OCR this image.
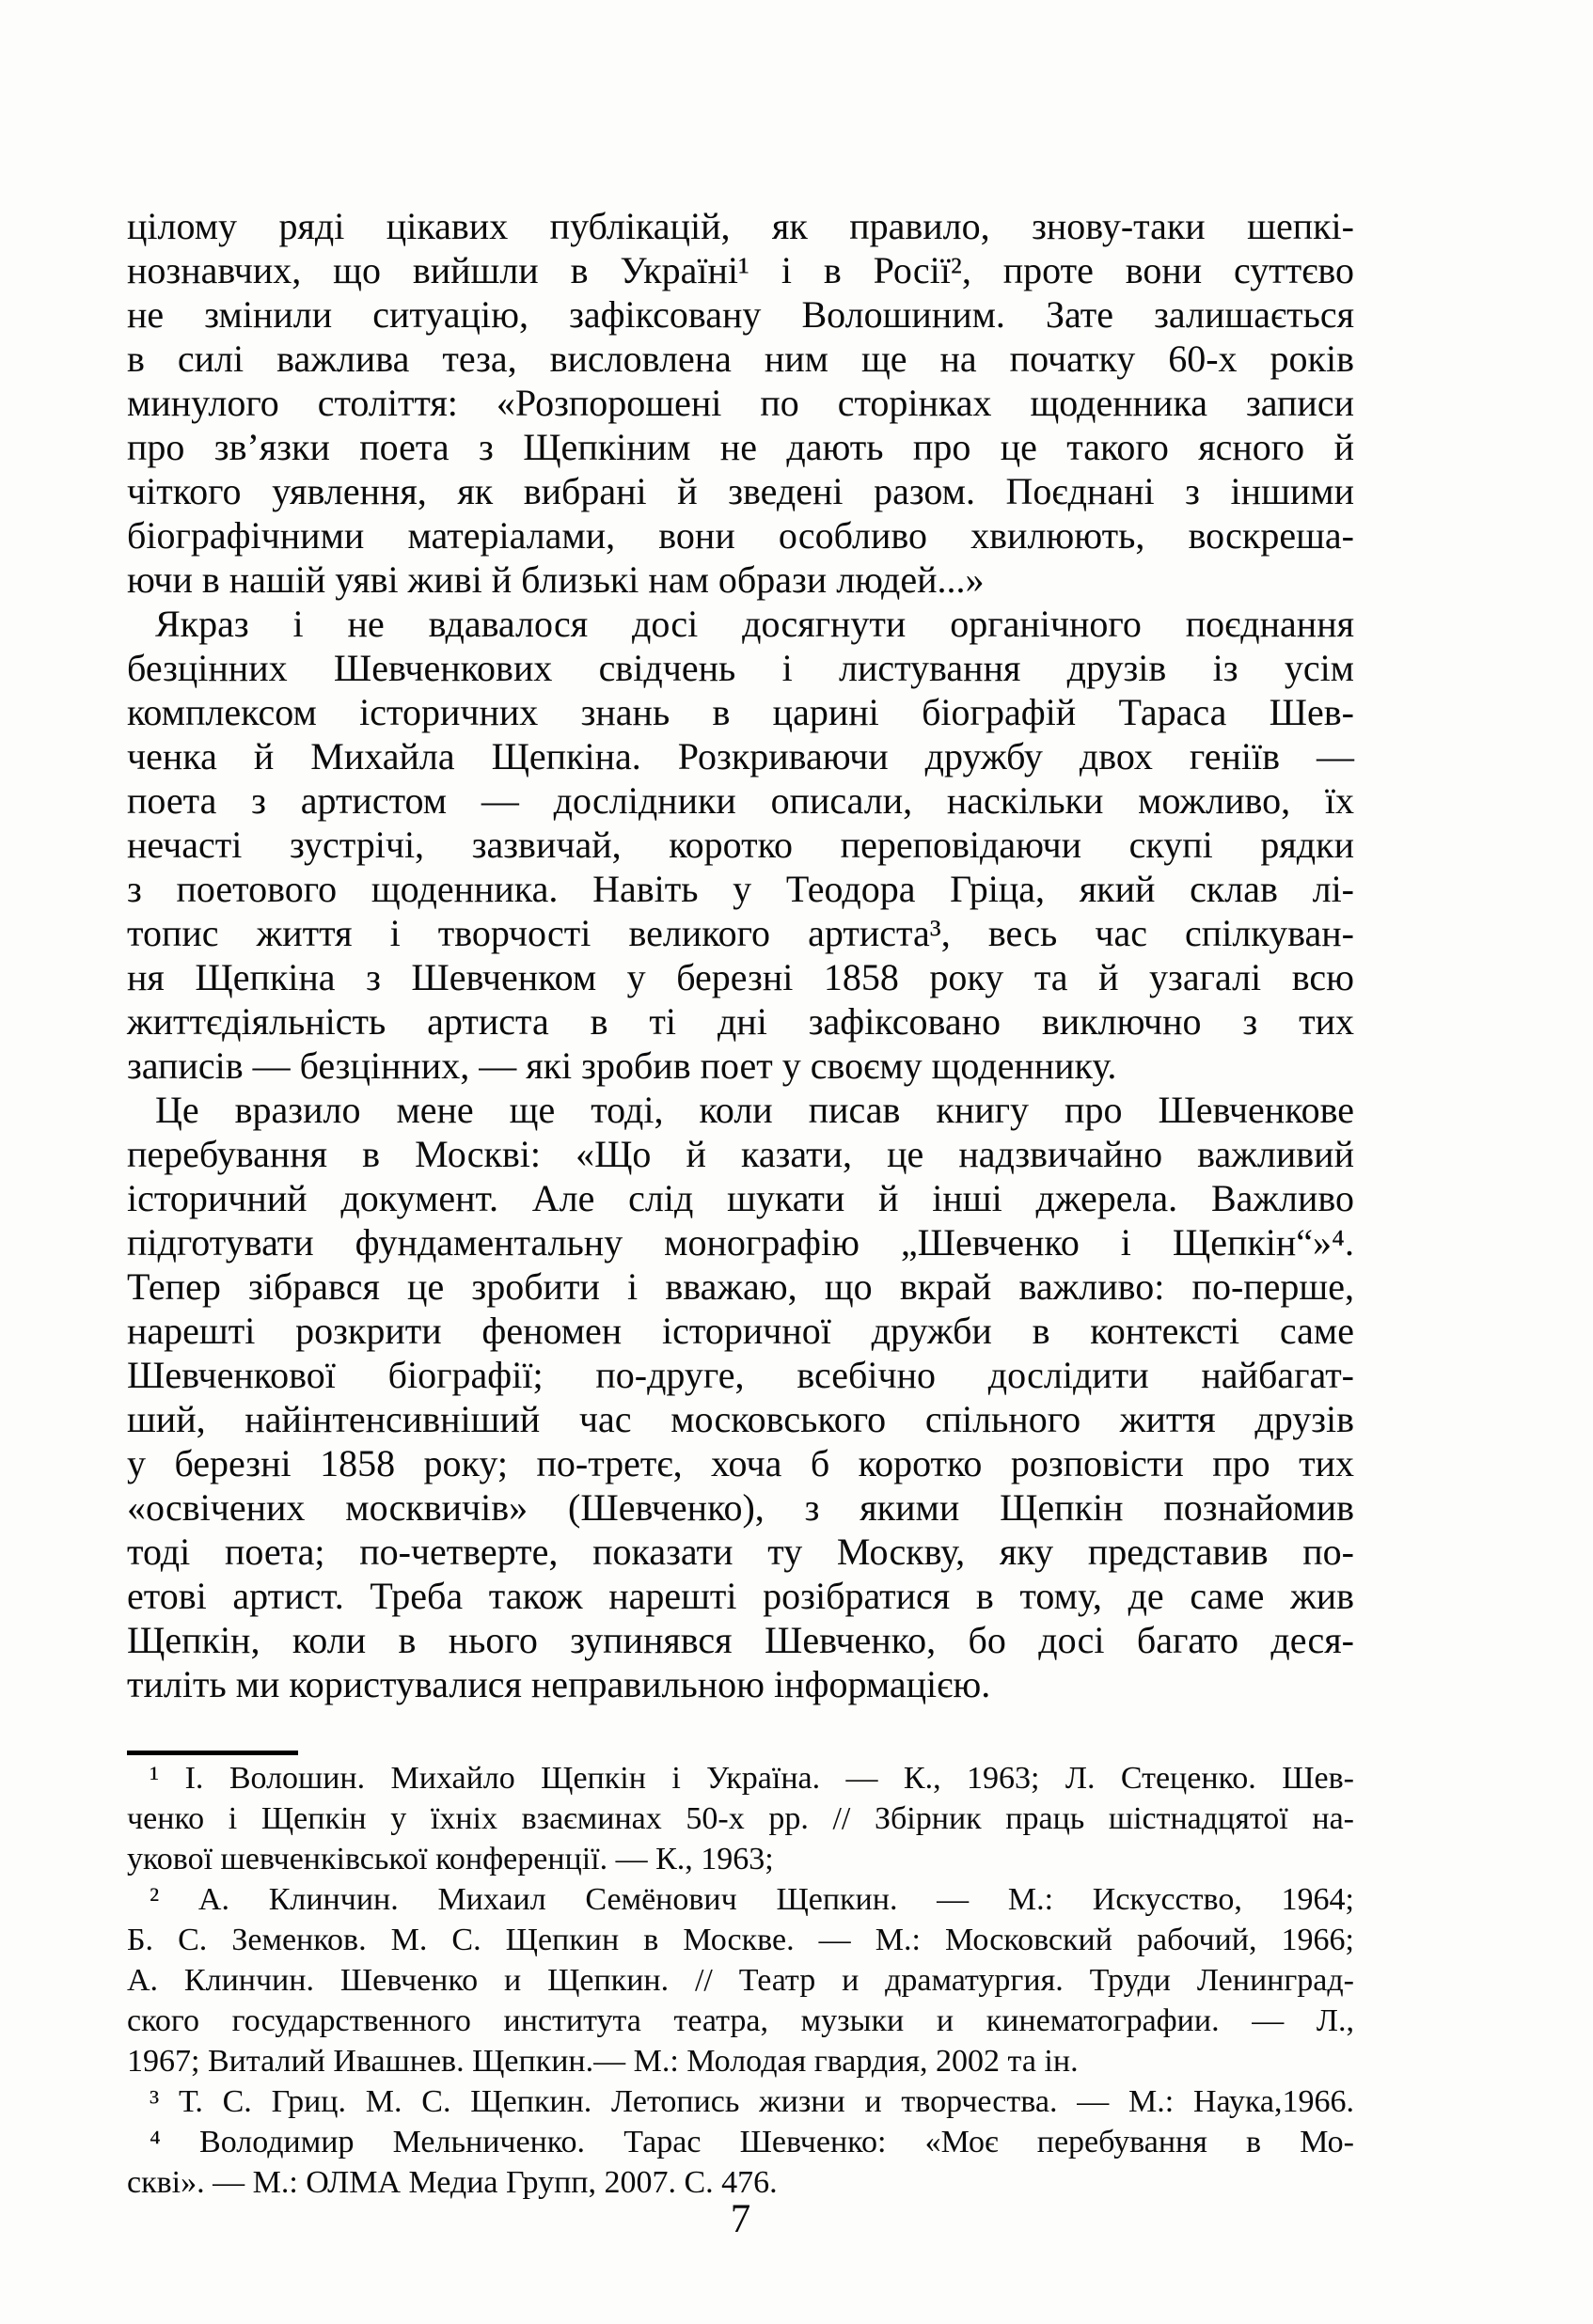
цілому ряді цікавих публікацій, як правило, знову-таки шепкі-
нознавчих, що вийшли в Україні¹ і в Росії², проте вони суттєво
не змінили ситуацію, зафіксовану Волошиним. Зате залишається
в силі важлива теза, висловлена ним ще на початку 60-х років
минулого століття: «Розпорошені по сторінках щоденника записи
про зв’язки поета з Щепкіним не дають про це такого ясного й
чіткого уявлення, як вибрані й зведені разом. Поєднані з іншими
біографічними матеріалами, вони особливо хвилюють, воскреша-
ючи в нашій уяві живі й близькі нам образи людей...»
Якраз і не вдавалося досі досягнути органічного поєднання
безцінних Шевченкових свідчень і листування друзів із усім
комплексом історичних знань в царині біографій Тараса Шев-
ченка й Михайла Щепкіна. Розкриваючи дружбу двох геніїв —
поета з артистом — дослідники описали, наскільки можливо, їх
нечасті зустрічі, зазвичай, коротко переповідаючи скупі рядки
з поетового щоденника. Навіть у Теодора Гріца, який склав лі-
топис життя і творчості великого артиста³, весь час спілкуван-
ня Щепкіна з Шевченком у березні 1858 року та й узагалі всю
життєдіяльність артиста в ті дні зафіксовано виключно з тих
записів — безцінних, — які зробив поет у своєму щоденнику.
Це вразило мене ще тоді, коли писав книгу про Шевченкове
перебування в Москві: «Що й казати, це надзвичайно важливий
історичний документ. Але слід шукати й інші джерела. Важливо
підготувати фундаментальну монографію „Шевченко і Щепкін“»⁴.
Тепер зібрався це зробити і вважаю, що вкрай важливо: по-перше,
нарешті розкрити феномен історичної дружби в контексті саме
Шевченкової біографії; по-друге, всебічно дослідити найбагат-
ший, найінтенсивніший час московського спільного життя друзів
у березні 1858 року; по-третє, хоча б коротко розповісти про тих
«освічених москвичів» (Шевченко), з якими Щепкін познайомив
тоді поета; по-четверте, показати ту Москву, яку представив по-
етові артист. Треба також нарешті розібратися в тому, де саме жив
Щепкін, коли в нього зупинявся Шевченко, бо досі багато деся-
тиліть ми користувалися неправильною інформацією.
¹ І. Волошин. Михайло Щепкін і Україна. — К., 1963; Л. Стеценко. Шев-
ченко і Щепкін у їхніх взаєминах 50-х рр. // Збірник праць шістнадцятої на-
укової шевченківської конференції. — К., 1963;
² А. Клинчин. Михаил Семёнович Щепкин. — М.: Искусство, 1964;
Б. С. Земенков. М. С. Щепкин в Москве. — М.: Московский рабочий, 1966;
А. Клинчин. Шевченко и Щепкин. // Театр и драматургия. Труди Ленинград-
ского государственного института театра, музыки и кинематографии. — Л.,
1967; Виталий Ивашнев. Щепкин.— М.: Молодая гвардия, 2002 та ін.
³ Т. С. Гриц. М. С. Щепкин. Летопись жизни и творчества. — М.: Наука,1966.
⁴ Володимир Мельниченко. Тарас Шевченко: «Моє перебування в Мо-
скві». — М.: ОЛМА Медиа Групп, 2007. С. 476.
7
